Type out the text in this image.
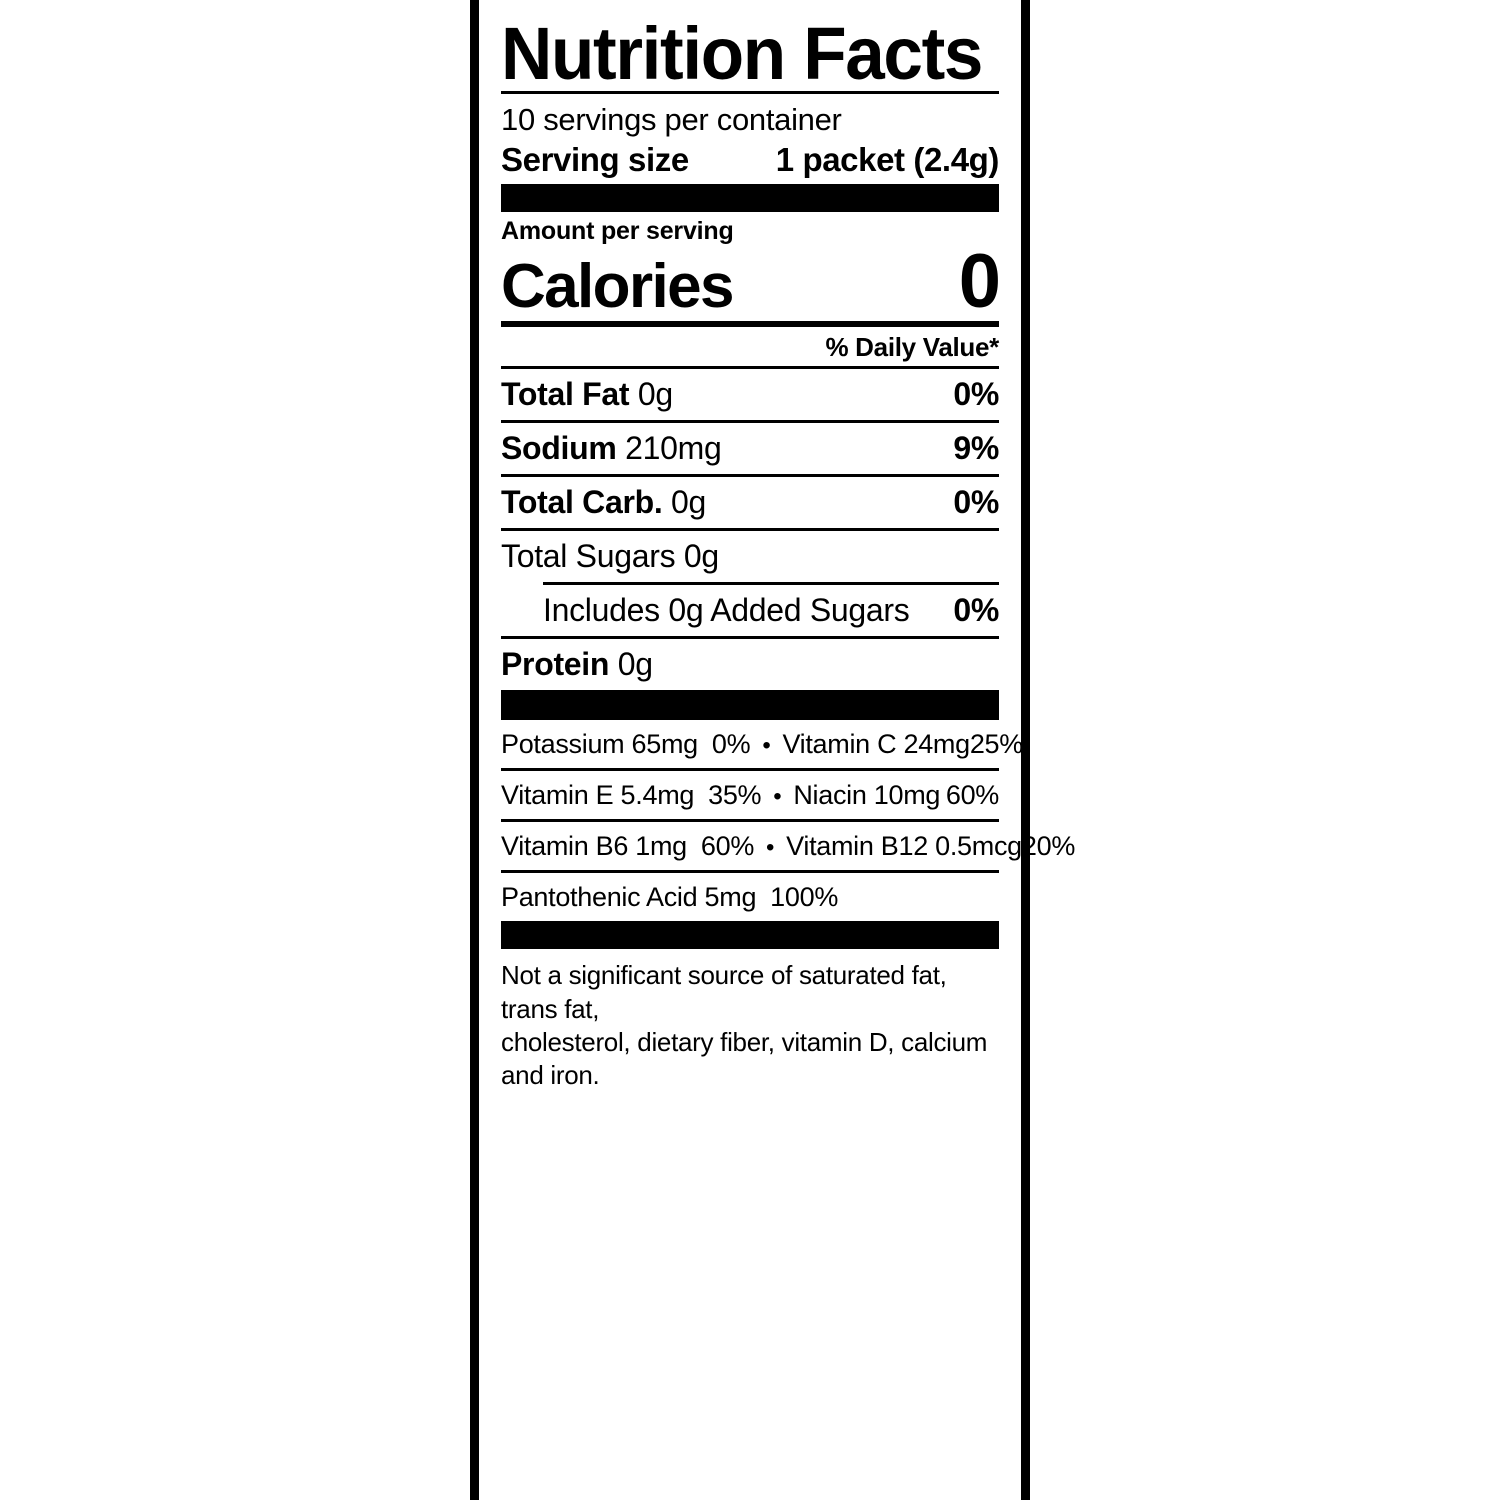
Nutrition Facts
10 servings per container
Serving size	1 packet (2.4g)
Amount per serving
Calories	0
% Daily Value*
Total Fat 0g	0%
Sodium 210mg	9%
Total Carb. 0g	0%
Total Sugars 0g
Includes 0g Added Sugars 0%
Protein 0g
Potassium 65mg 0% • Vitamin C 24mg 25%
Vitamin E 5.4mg 35% • Niacin 10mg 60%
Vitamin B6 1mg 60% • Vitamin B12 0.5mcg 20%
Pantothenic Acid 5mg 100%
Not a significant source of saturated fat, trans fat,
cholesterol, dietary fiber, vitamin D, calcium and iron.
